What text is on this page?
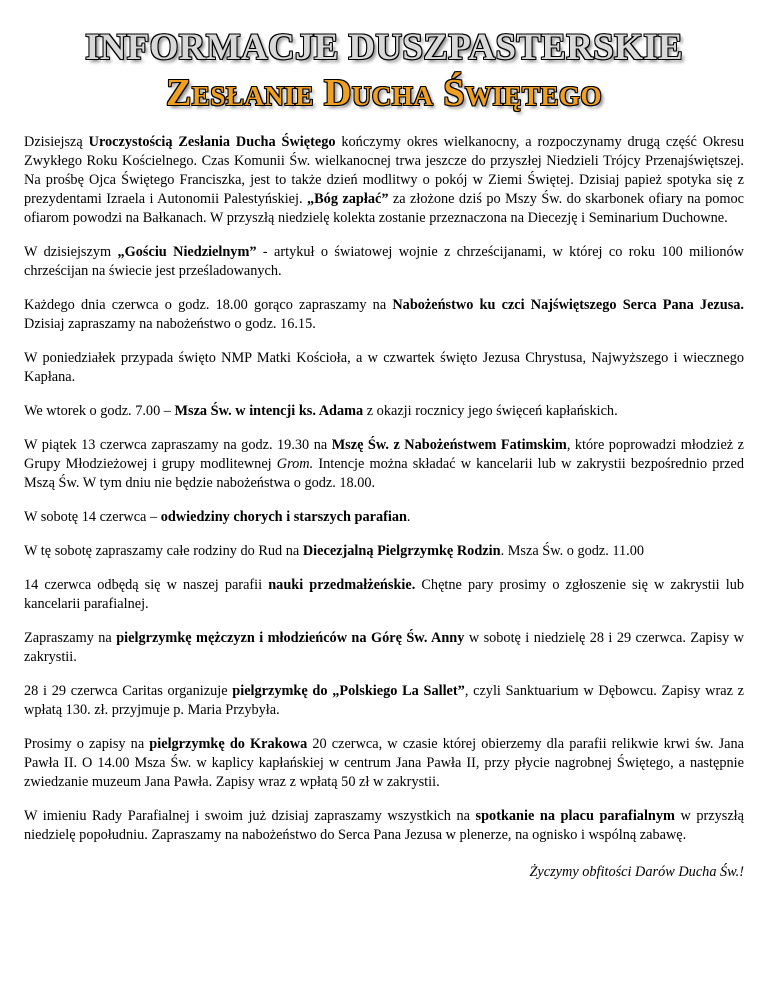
INFORMACJE DUSZPASTERSKIE
Zesłanie Ducha Świętego

Dzisiejszą Uroczystością Zesłania Ducha Świętego kończymy okres wielkanocny, a rozpoczynamy drugą część Okresu Zwykłego Roku Kościelnego. Czas Komunii Św. wielkanocnej trwa jeszcze do przyszłej Niedzieli Trójcy Przenajświętszej. Na prośbę Ojca Świętego Franciszka, jest to także dzień modlitwy o pokój w Ziemi Świętej. Dzisiaj papież spotyka się z prezydentami Izraela i Autonomii Palestyńskiej. „Bóg zapłać” za złożone dziś po Mszy Św. do skarbonek ofiary na pomoc ofiarom powodzi na Bałkanach. W przyszłą niedzielę kolekta zostanie przeznaczona na Diecezję i Seminarium Duchowne.

W dzisiejszym „Gościu Niedzielnym” - artykuł o światowej wojnie z chrześcijanami, w której co roku 100 milionów chrześcijan na świecie jest prześladowanych.

Każdego dnia czerwca o godz. 18.00 gorąco zapraszamy na Nabożeństwo ku czci Najświętszego Serca Pana Jezusa. Dzisiaj zapraszamy na nabożeństwo o godz. 16.15.

W poniedziałek przypada święto NMP Matki Kościoła, a w czwartek święto Jezusa Chrystusa, Najwyższego i wiecznego Kapłana.

We wtorek o godz. 7.00 – Msza Św. w intencji ks. Adama z okazji rocznicy jego święceń kapłańskich.

W piątek 13 czerwca zapraszamy na godz. 19.30 na Mszę Św. z Nabożeństwem Fatimskim, które poprowadzi młodzież z Grupy Młodzieżowej i grupy modlitewnej Grom. Intencje można składać w kancelarii lub w zakrystii bezpośrednio przed Mszą Św. W tym dniu nie będzie nabożeństwa o godz. 18.00.

W sobotę 14 czerwca – odwiedziny chorych i starszych parafian.

W tę sobotę zapraszamy całe rodziny do Rud na Diecezjalną Pielgrzymkę Rodzin. Msza Św. o godz. 11.00

14 czerwca odbędą się w naszej parafii nauki przedmałżeńskie. Chętne pary prosimy o zgłoszenie się w zakrystii lub kancelarii parafialnej.

Zapraszamy na pielgrzymkę mężczyzn i młodzieńców na Górę Św. Anny w sobotę i niedzielę 28 i 29 czerwca. Zapisy w zakrystii.

28 i 29 czerwca Caritas organizuje pielgrzymkę do „Polskiego La Sallet”, czyli Sanktuarium w Dębowcu. Zapisy wraz z wpłatą 130. zł. przyjmuje p. Maria Przybyła.

Prosimy o zapisy na pielgrzymkę do Krakowa 20 czerwca, w czasie której obierzemy dla parafii relikwie krwi św. Jana Pawła II. O 14.00 Msza Św. w kaplicy kapłańskiej w centrum Jana Pawła II, przy płycie nagrobnej Świętego, a następnie zwiedzanie muzeum Jana Pawła. Zapisy wraz z wpłatą 50 zł w zakrystii.

W imieniu Rady Parafialnej i swoim już dzisiaj zapraszamy wszystkich na spotkanie na placu parafialnym w przyszłą niedzielę popołudniu. Zapraszamy na nabożeństwo do Serca Pana Jezusa w plenerze, na ognisko i wspólną zabawę.

Życzymy obfitości Darów Ducha Św.!
